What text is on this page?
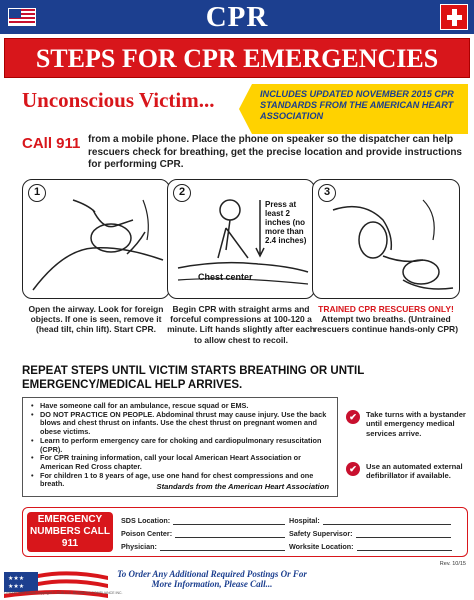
CPR
STEPS FOR CPR EMERGENCIES
Unconscious Victim...	INCLUDES UPDATED NOVEMBER 2015 CPR STANDARDS FROM THE AMERICAN HEART ASSOCIATION
CAll 911 from a mobile phone. Place the phone on speaker so the dispatcher can help rescuers check for breathing, get the precise location and provide instructions for performing CPR.
1	2
Press at least 2 inches (no more than 2.4 inches)
Chest center
3
Open the airway. Look for foreign objects. If one is seen, remove it (head tilt, chin lift). Start CPR.
Begin CPR with straight arms and forceful compressions at 100-120 a minute. Lift hands slightly after each to allow chest to recoil.
TRAINED CPR RESCUERS ONLY!
Attempt two breaths. (Untrained rescuers continue hands-only CPR)
REPEAT STEPS UNTIL VICTIM STARTS BREATHING OR UNTIL EMERGENCY/MEDICAL HELP ARRIVES.
• Have someone call for an ambulance, rescue squad or EMS.
• DO NOT PRACTICE ON PEOPLE. Abdominal thrust may cause injury. Use the back blows and chest thrust on infants. Use the chest thrust on pregnant women and obese victims.
• Learn to perform emergency care for choking and cardiopulmonary resuscitation (CPR).
• For CPR training information, call your local American Heart Association or American Red Cross chapter.
• For children 1 to 8 years of age, use one hand for chest compressions and one breath.	Standards from the American Heart Association
✔	Take turns with a bystander until emergency medical services arrive.
✔	Use an automated external defibrillator if available.
EMERGENCY NUMBERS CALL 911
SDS Location:
Poison Center:
Physician:
Hospital:
Safety Supervisor:
Worksite Location:
Rev. 10/15
★★★
★★★
To Order Any Additional Required Postings Or For More Information, Please Call...
CPR440 Item #0005 Copyright © 2015 U.S. BUSINESS COMPLIANCE INC.
